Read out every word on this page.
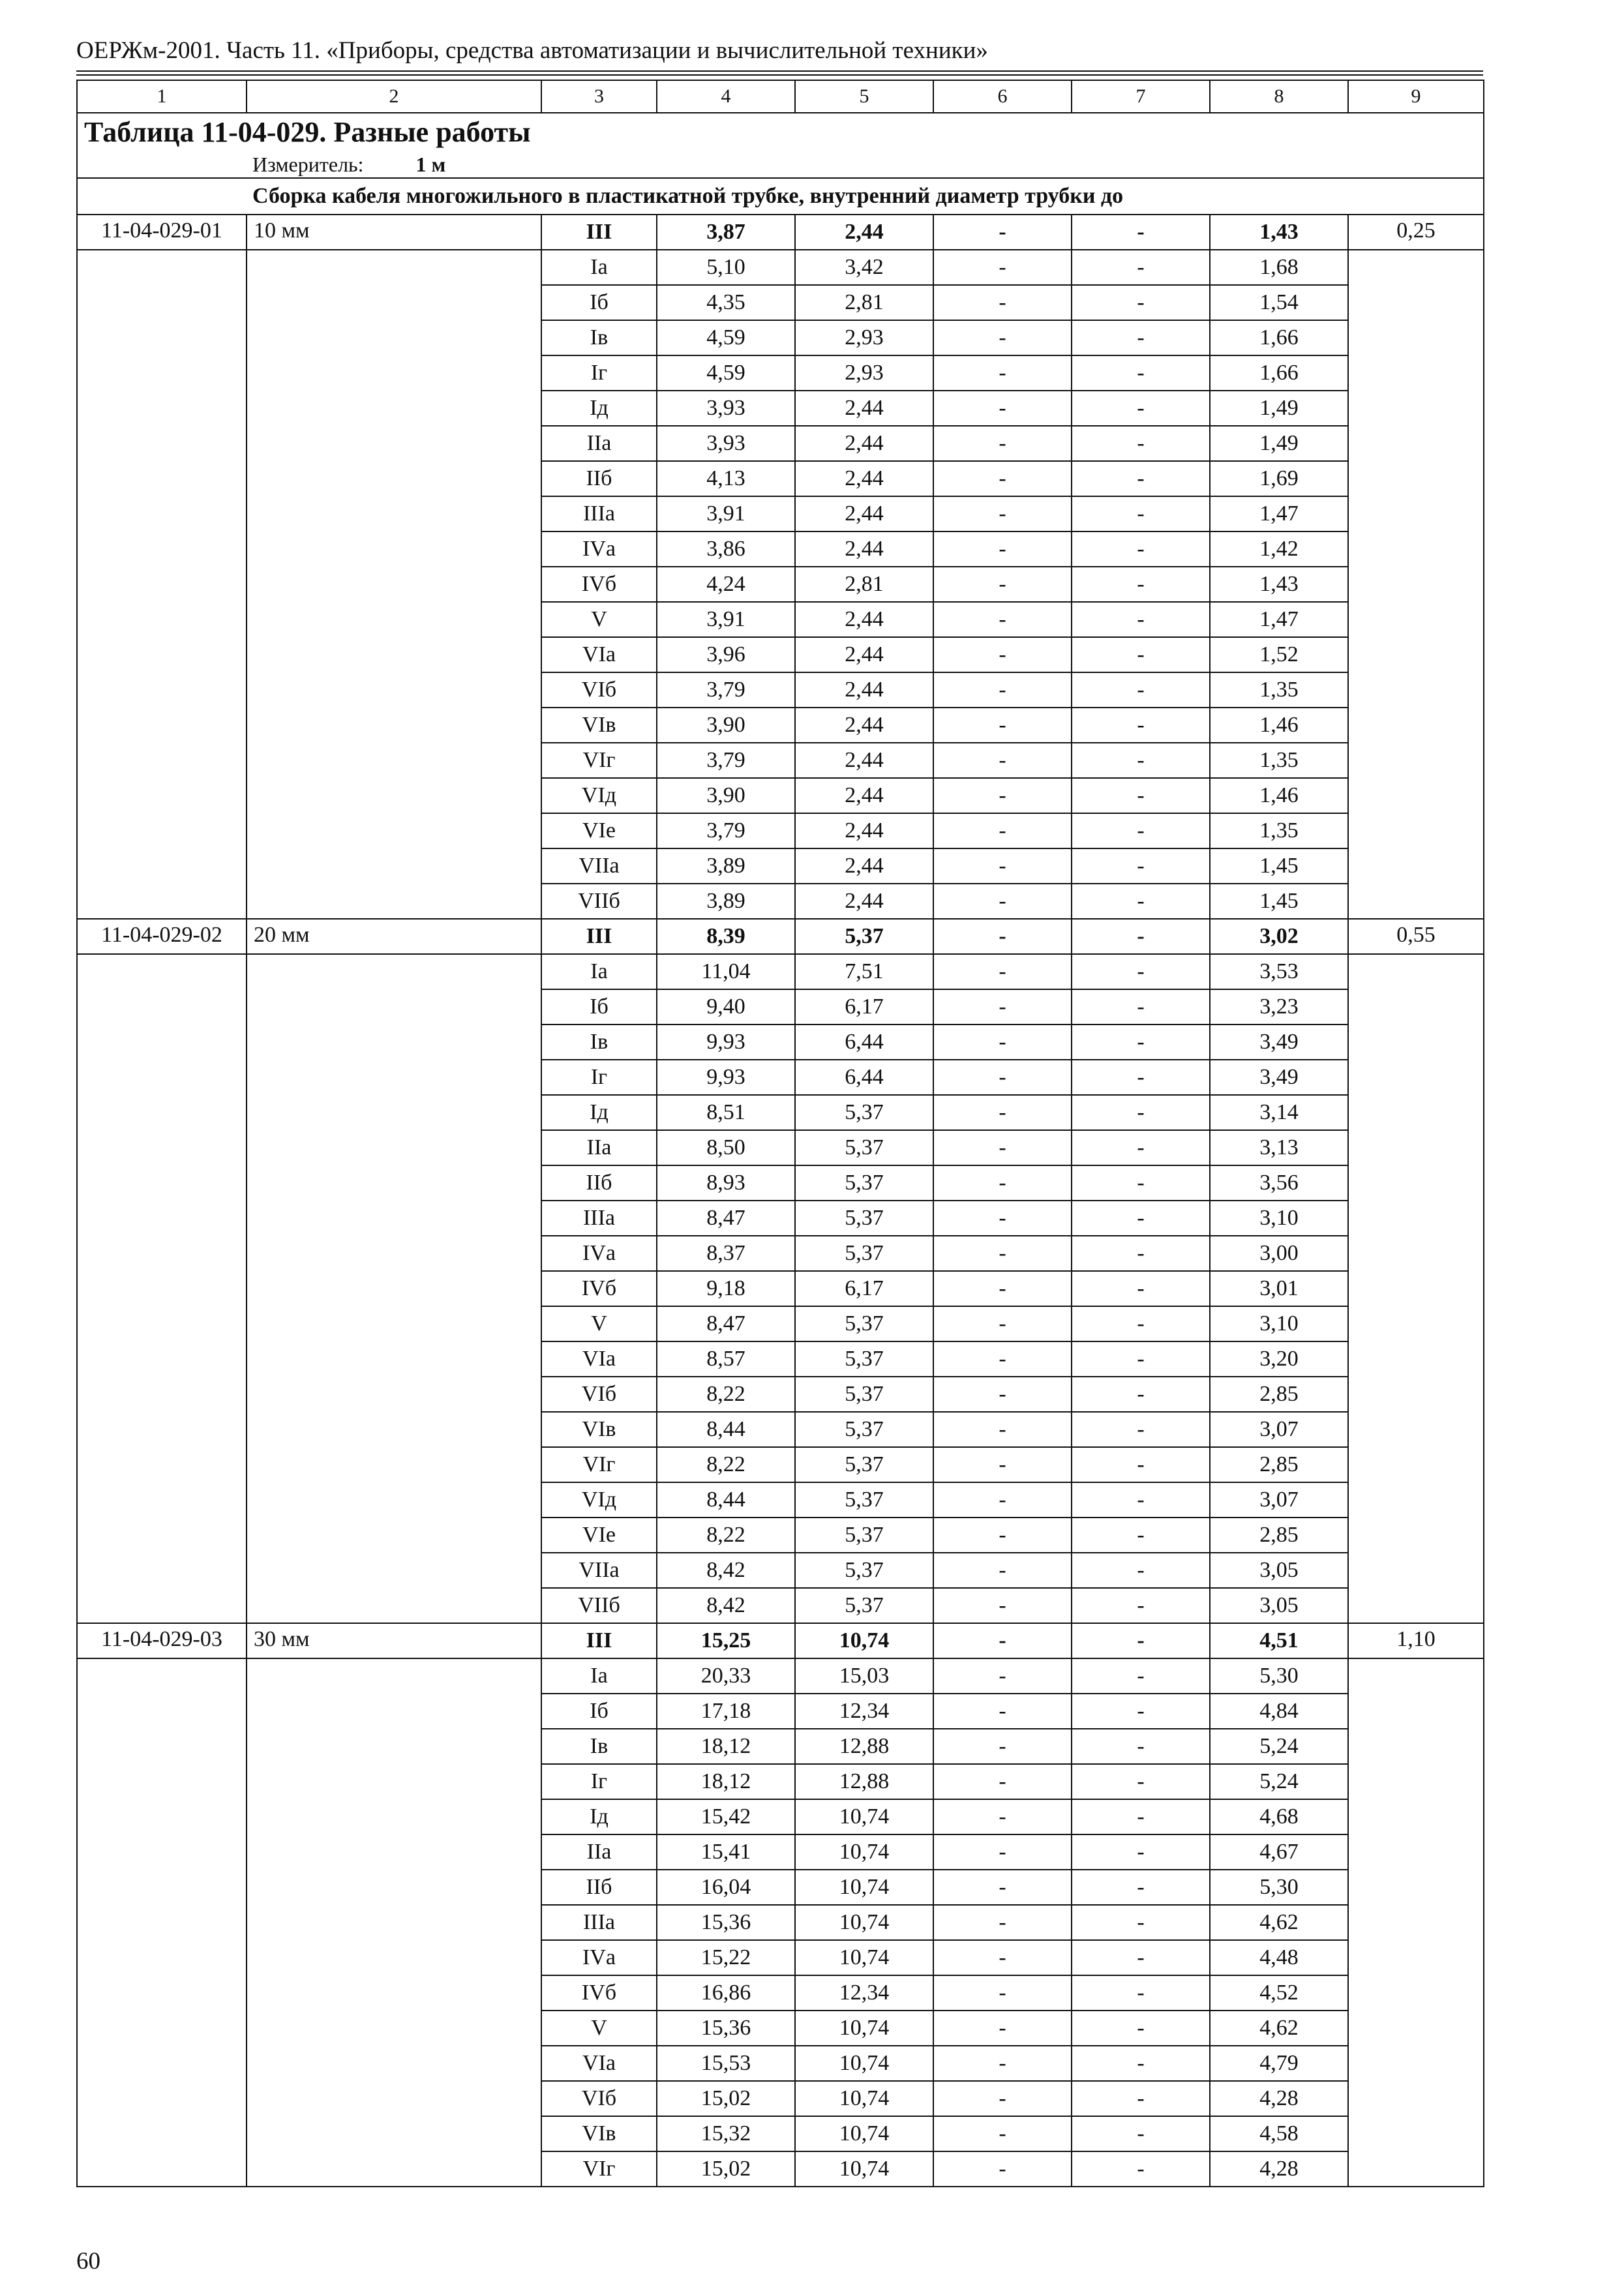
ОЕРЖм-2001. Часть 11. «Приборы, средства автоматизации и вычислительной техники»
1	2	3	4	5	6	7	8	9
Таблица 11-04-029. Разные работы								
Измеритель: 1 м								
Сборка кабеля многожильного в пластикатной трубке, внутренний диаметр трубки до								
11-04-029-01	10 мм	III	3,87	2,44	-	-	1,43	0,25
		Iа	5,10	3,42	-	-	1,68	
		Iб	4,35	2,81	-	-	1,54	
		Iв	4,59	2,93	-	-	1,66	
		Iг	4,59	2,93	-	-	1,66	
		Iд	3,93	2,44	-	-	1,49	
		IIа	3,93	2,44	-	-	1,49	
		IIб	4,13	2,44	-	-	1,69	
		IIIа	3,91	2,44	-	-	1,47	
		IVа	3,86	2,44	-	-	1,42	
		IVб	4,24	2,81	-	-	1,43	
		V	3,91	2,44	-	-	1,47	
		VIа	3,96	2,44	-	-	1,52	
		VIб	3,79	2,44	-	-	1,35	
		VIв	3,90	2,44	-	-	1,46	
		VIг	3,79	2,44	-	-	1,35	
		VIд	3,90	2,44	-	-	1,46	
		VIе	3,79	2,44	-	-	1,35	
		VIIа	3,89	2,44	-	-	1,45	
		VIIб	3,89	2,44	-	-	1,45	
11-04-029-02	20 мм	III	8,39	5,37	-	-	3,02	0,55
		Iа	11,04	7,51	-	-	3,53	
		Iб	9,40	6,17	-	-	3,23	
		Iв	9,93	6,44	-	-	3,49	
		Iг	9,93	6,44	-	-	3,49	
		Iд	8,51	5,37	-	-	3,14	
		IIа	8,50	5,37	-	-	3,13	
		IIб	8,93	5,37	-	-	3,56	
		IIIа	8,47	5,37	-	-	3,10	
		IVа	8,37	5,37	-	-	3,00	
		IVб	9,18	6,17	-	-	3,01	
		V	8,47	5,37	-	-	3,10	
		VIа	8,57	5,37	-	-	3,20	
		VIб	8,22	5,37	-	-	2,85	
		VIв	8,44	5,37	-	-	3,07	
		VIг	8,22	5,37	-	-	2,85	
		VIд	8,44	5,37	-	-	3,07	
		VIе	8,22	5,37	-	-	2,85	
		VIIа	8,42	5,37	-	-	3,05	
		VIIб	8,42	5,37	-	-	3,05	
11-04-029-03	30 мм	III	15,25	10,74	-	-	4,51	1,10
		Iа	20,33	15,03	-	-	5,30	
		Iб	17,18	12,34	-	-	4,84	
		Iв	18,12	12,88	-	-	5,24	
		Iг	18,12	12,88	-	-	5,24	
		Iд	15,42	10,74	-	-	4,68	
		IIа	15,41	10,74	-	-	4,67	
		IIб	16,04	10,74	-	-	5,30	
		IIIа	15,36	10,74	-	-	4,62	
		IVа	15,22	10,74	-	-	4,48	
		IVб	16,86	12,34	-	-	4,52	
		V	15,36	10,74	-	-	4,62	
		VIа	15,53	10,74	-	-	4,79	
		VIб	15,02	10,74	-	-	4,28	
		VIв	15,32	10,74	-	-	4,58	
		VIг	15,02	10,74	-	-	4,28	
60
